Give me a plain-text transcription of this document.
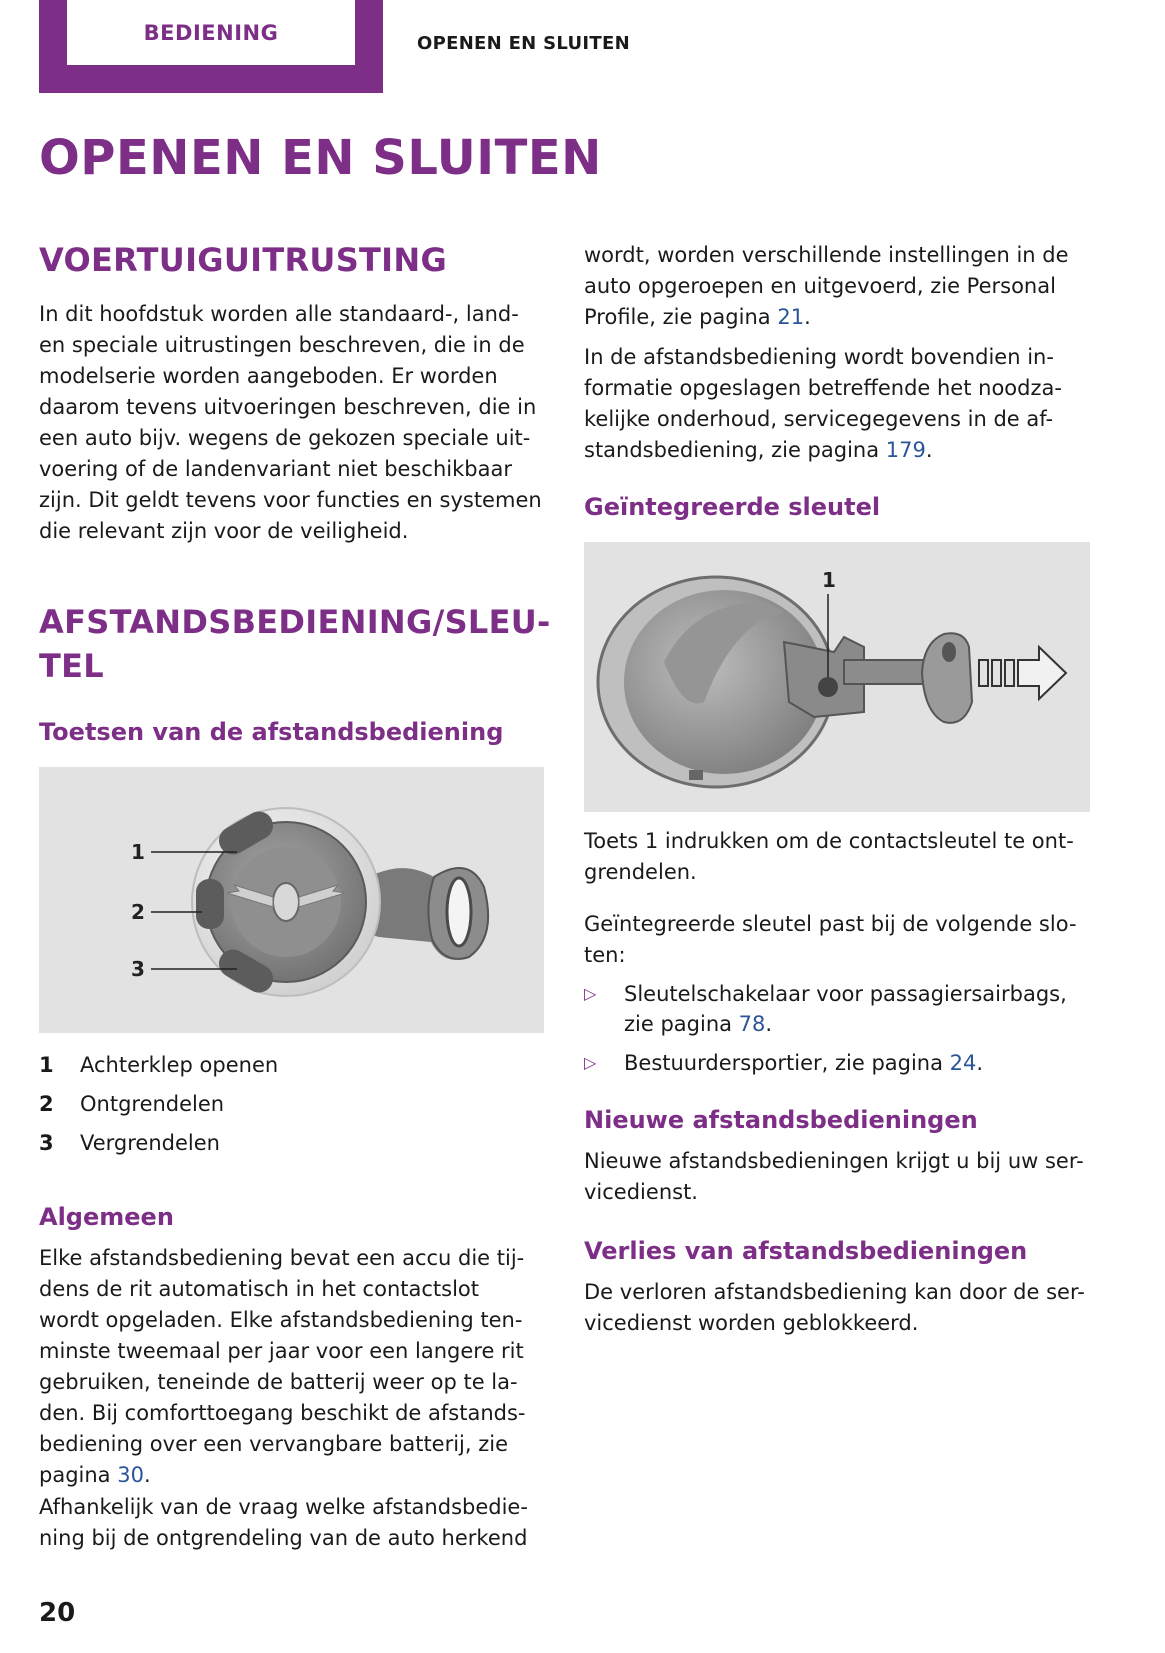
BEDIENING	OPENEN EN SLUITEN
OPENEN EN SLUITEN
VOERTUIGUITRUSTING
In dit hoofdstuk worden alle standaard-, land-
en speciale uitrustingen beschreven, die in de
modelserie worden aangeboden. Er worden
daarom tevens uitvoeringen beschreven, die in
een auto bijv. wegens de gekozen speciale uit-
voering of de landenvariant niet beschikbaar
zijn. Dit geldt tevens voor functies en systemen
die relevant zijn voor de veiligheid.
AFSTANDSBEDIENING/SLEU-
TEL
Toetsen van de afstandsbediening
1
2
3
1 Achterklep openen
2 Ontgrendelen
3 Vergrendelen
Algemeen
Elke afstandsbediening bevat een accu die tij-
dens de rit automatisch in het contactslot
wordt opgeladen. Elke afstandsbediening ten-
minste tweemaal per jaar voor een langere rit
gebruiken, teneinde de batterij weer op te la-
den. Bij comforttoegang beschikt de afstands-
bediening over een vervangbare batterij, zie
pagina 30.
Afhankelijk van de vraag welke afstandsbedie-
ning bij de ontgrendeling van de auto herkend
20
wordt, worden verschillende instellingen in de
auto opgeroepen en uitgevoerd, zie Personal
Profile, zie pagina 21.
In de afstandsbediening wordt bovendien in-
formatie opgeslagen betreffende het noodza-
kelijke onderhoud, servicegegevens in de af-
standsbediening, zie pagina 179.
Geïntegreerde sleutel
1
Toets 1 indrukken om de contactsleutel te ont-
grendelen.
Geïntegreerde sleutel past bij de volgende slo-
ten:
▷ Sleutelschakelaar voor passagiersairbags,
zie pagina 78.
▷ Bestuurdersportier, zie pagina 24.
Nieuwe afstandsbedieningen
Nieuwe afstandsbedieningen krijgt u bij uw ser-
vicedienst.
Verlies van afstandsbedieningen
De verloren afstandsbediening kan door de ser-
vicedienst worden geblokkeerd.
